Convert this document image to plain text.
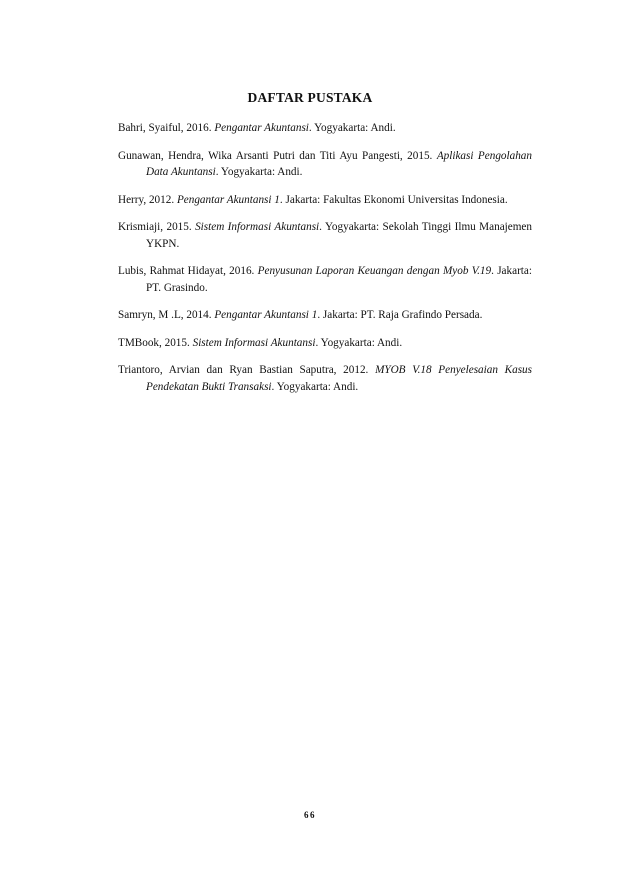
DAFTAR PUSTAKA

Bahri, Syaiful, 2016. Pengantar Akuntansi. Yogyakarta: Andi.

Gunawan, Hendra, Wika Arsanti Putri dan Titi Ayu Pangesti, 2015. Aplikasi Pengolahan Data Akuntansi. Yogyakarta: Andi.

Herry, 2012. Pengantar Akuntansi 1. Jakarta: Fakultas Ekonomi Universitas Indonesia.

Krismiaji, 2015. Sistem Informasi Akuntansi. Yogyakarta: Sekolah Tinggi Ilmu Manajemen YKPN.

Lubis, Rahmat Hidayat, 2016. Penyusunan Laporan Keuangan dengan Myob V.19. Jakarta: PT. Grasindo.

Samryn, M .L, 2014. Pengantar Akuntansi 1. Jakarta: PT. Raja Grafindo Persada.

TMBook, 2015. Sistem Informasi Akuntansi. Yogyakarta: Andi.

Triantoro, Arvian dan Ryan Bastian Saputra, 2012. MYOB V.18 Penyelesaian Kasus Pendekatan Bukti Transaksi. Yogyakarta: Andi.

66
